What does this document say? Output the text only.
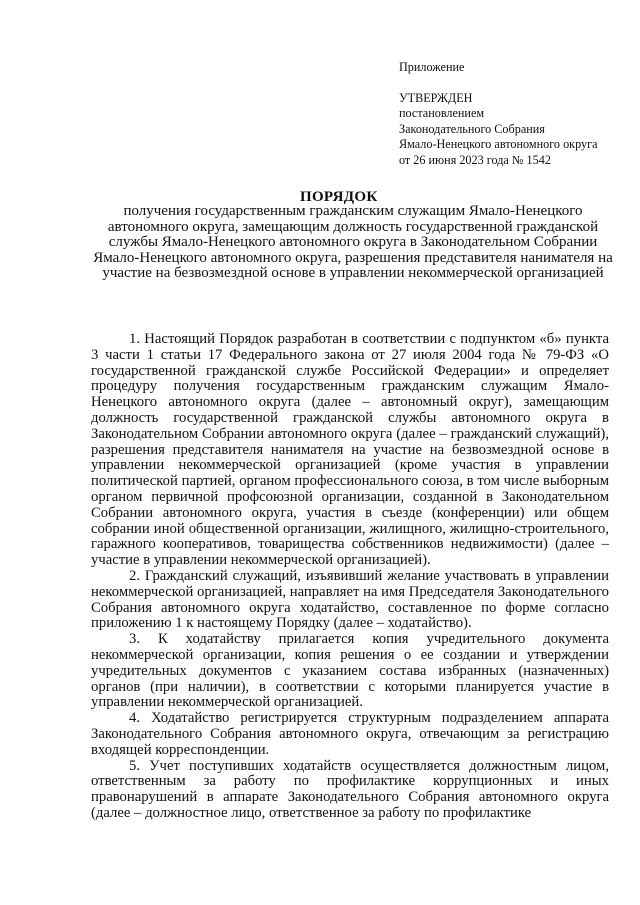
Приложение
УТВЕРЖДЕН
постановлением
Законодательного Собрания
Ямало-Ненецкого автономного округа
от 26 июня 2023 года № 1542
ПОРЯДОК
получения государственным гражданским служащим Ямало-Ненецкого автономного округа, замещающим должность государственной гражданской службы Ямало-Ненецкого автономного округа в Законодательном Собрании Ямало-Ненецкого автономного округа, разрешения представителя нанимателя на участие на безвозмездной основе в управлении некоммерческой организацией

1. Настоящий Порядок разработан в соответствии с подпунктом «б» пункта 3 части 1 статьи 17 Федерального закона от 27 июля 2004 года № 79-ФЗ «О государственной гражданской службе Российской Федерации» и определяет процедуру получения государственным гражданским служащим Ямало-Ненецкого автономного округа (далее – автономный округ), замещающим должность государственной гражданской службы автономного округа в Законодательном Собрании автономного округа (далее – гражданский служащий), разрешения представителя нанимателя на участие на безвозмездной основе в управлении некоммерческой организацией (кроме участия в управлении политической партией, органом профессионального союза, в том числе выборным органом первичной профсоюзной организации, созданной в Законодательном Собрании автономного округа, участия в съезде (конференции) или общем собрании иной общественной организации, жилищного, жилищно-строительного, гаражного кооперативов, товарищества собственников недвижимости) (далее – участие в управлении некоммерческой организацией).

2. Гражданский служащий, изъявивший желание участвовать в управлении некоммерческой организацией, направляет на имя Председателя Законодательного Собрания автономного округа ходатайство, составленное по форме согласно приложению 1 к настоящему Порядку (далее – ходатайство).

3. К ходатайству прилагается копия учредительного документа некоммерческой организации, копия решения о ее создании и утверждении учредительных документов с указанием состава избранных (назначенных) органов (при наличии), в соответствии с которыми планируется участие в управлении некоммерческой организацией.

4. Ходатайство регистрируется структурным подразделением аппарата Законодательного Собрания автономного округа, отвечающим за регистрацию входящей корреспонденции.

5. Учет поступивших ходатайств осуществляется должностным лицом, ответственным за работу по профилактике коррупционных и иных правонарушений в аппарате Законодательного Собрания автономного округа (далее – должностное лицо, ответственное за работу по профилактике
